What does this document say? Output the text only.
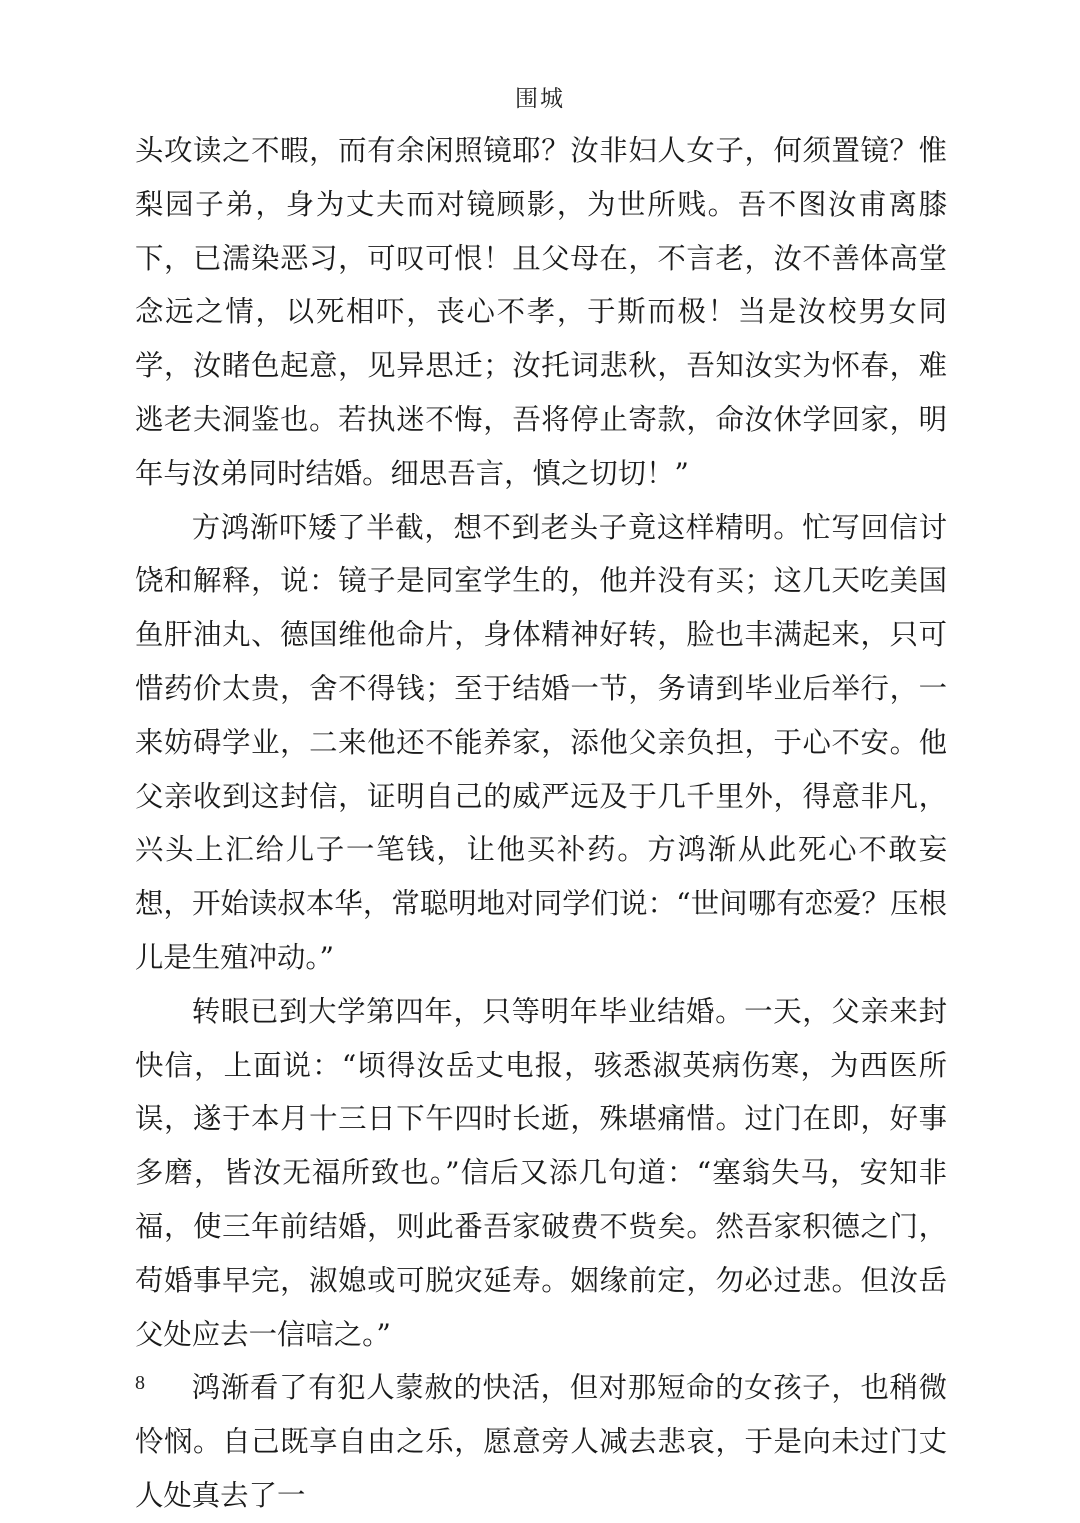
围城

头攻读之不暇，而有余闲照镜耶？汝非妇人女子，何须置镜？惟梨园子弟，身为丈夫而对镜顾影，为世所贱。吾不图汝甫离膝下，已濡染恶习，可叹可恨！且父母在，不言老，汝不善体高堂念远之情，以死相吓，丧心不孝，于斯而极！当是汝校男女同学，汝睹色起意，见异思迁；汝托词悲秋，吾知汝实为怀春，难逃老夫洞鉴也。若执迷不悔，吾将停止寄款，命汝休学回家，明年与汝弟同时结婚。细思吾言，慎之切切！”

方鸿渐吓矮了半截，想不到老头子竟这样精明。忙写回信讨饶和解释，说：镜子是同室学生的，他并没有买；这几天吃美国鱼肝油丸、德国维他命片，身体精神好转，脸也丰满起来，只可惜药价太贵，舍不得钱；至于结婚一节，务请到毕业后举行，一来妨碍学业，二来他还不能养家，添他父亲负担，于心不安。他父亲收到这封信，证明自己的威严远及于几千里外，得意非凡，兴头上汇给儿子一笔钱，让他买补药。方鸿渐从此死心不敢妄想，开始读叔本华，常聪明地对同学们说：“世间哪有恋爱？压根儿是生殖冲动。”

转眼已到大学第四年，只等明年毕业结婚。一天，父亲来封快信，上面说：“顷得汝岳丈电报，骇悉淑英病伤寒，为西医所误，遂于本月十三日下午四时长逝，殊堪痛惜。过门在即，好事多磨，皆汝无福所致也。”信后又添几句道：“塞翁失马，安知非福，使三年前结婚，则此番吾家破费不赀矣。然吾家积德之门，苟婚事早完，淑媳或可脱灾延寿。姻缘前定，勿必过悲。但汝岳父处应去一信唁之。”

鸿渐看了有犯人蒙赦的快活，但对那短命的女孩子，也稍微怜悯。自己既享自由之乐，愿意旁人减去悲哀，于是向未过门丈人处真去了一

8
